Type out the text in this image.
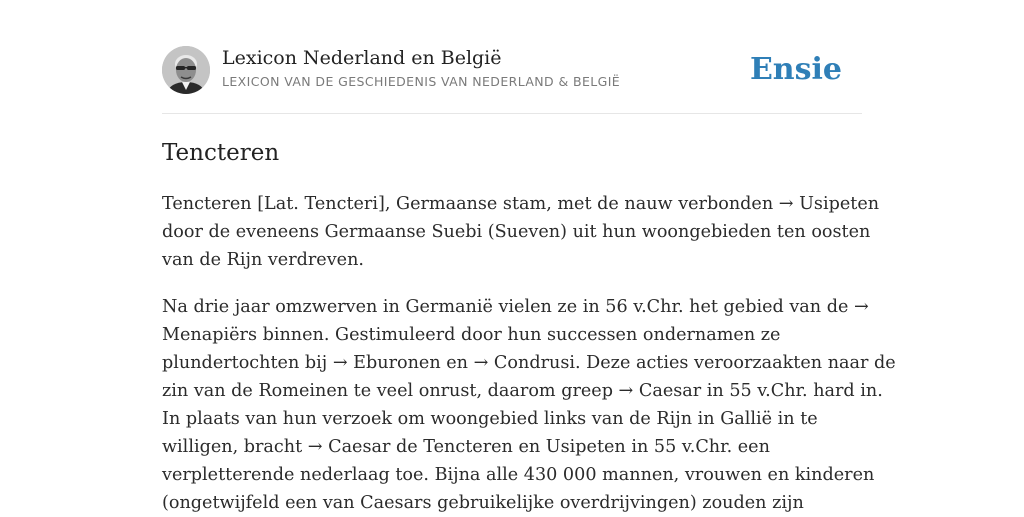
Lexicon Nederland en België
LEXICON VAN DE GESCHIEDENIS VAN NEDERLAND & BELGIË	Ensie
Tencteren
Tencteren [Lat. Tencteri], Germaanse stam, met de nauw verbonden → Usipeten
door de eveneens Germaanse Suebi (Sueven) uit hun woongebieden ten oosten
van de Rijn verdreven.
Na drie jaar omzwerven in Germanië vielen ze in 56 v.Chr. het gebied van de →
Menapiërs binnen. Gestimuleerd door hun successen ondernamen ze
plundertochten bij → Eburonen en → Condrusi. Deze acties veroorzaakten naar de
zin van de Romeinen te veel onrust, daarom greep → Caesar in 55 v.Chr. hard in.
In plaats van hun verzoek om woongebied links van de Rijn in Gallië in te
willigen, bracht → Caesar de Tencteren en Usipeten in 55 v.Chr. een
verpletterende nederlaag toe. Bijna alle 430 000 mannen, vrouwen en kinderen
(ongetwijfeld een van Caesars gebruikelijke overdrijvingen) zouden zijn
